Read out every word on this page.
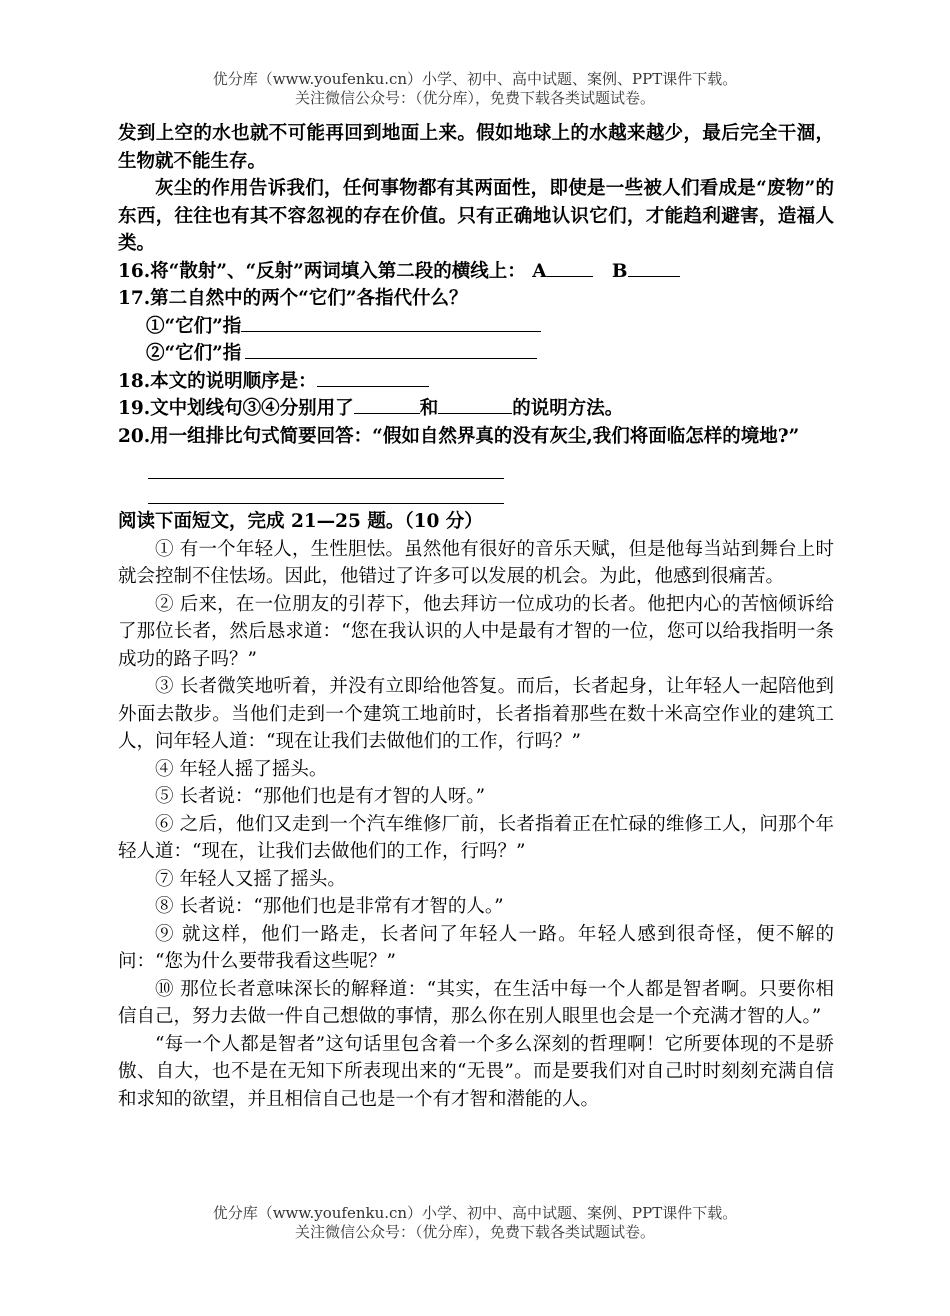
优分库（www.youfenku.cn）小学、初中、高中试题、案例、PPT课件下载。
关注微信公众号：（优分库），免费下载各类试题试卷。

发到上空的水也就不可能再回到地面上来。假如地球上的水越来越少，最后完全干涸，生物就不能生存。

灰尘的作用告诉我们，任何事物都有其两面性，即使是一些被人们看成是“废物”的东西，往往也有其不容忽视的存在价值。只有正确地认识它们，才能趋利避害，造福人类。

16.将“散射”、“反射”两词填入第二段的横线上： A	B
17.第二自然中的两个“它们”各指代什么？
①“它们”指
②“它们”指
18.本文的说明顺序是：
19.文中划线句③④分别用了	和	的说明方法。

20.用一组排比句式简要回答：“假如自然界真的没有灰尘,我们将面临怎样的境地?”

阅读下面短文，完成 21—25 题。（10 分）

① 有一个年轻人，生性胆怯。虽然他有很好的音乐天赋，但是他每当站到舞台上时就会控制不住怯场。因此，他错过了许多可以发展的机会。为此，他感到很痛苦。

② 后来，在一位朋友的引荐下，他去拜访一位成功的长者。他把内心的苦恼倾诉给了那位长者，然后恳求道：“您在我认识的人中是最有才智的一位，您可以给我指明一条成功的路子吗？”

③ 长者微笑地听着，并没有立即给他答复。而后，长者起身，让年轻人一起陪他到外面去散步。当他们走到一个建筑工地前时，长者指着那些在数十米高空作业的建筑工人，问年轻人道：“现在让我们去做他们的工作，行吗？”

④ 年轻人摇了摇头。

⑤ 长者说：“那他们也是有才智的人呀。”

⑥ 之后，他们又走到一个汽车维修厂前，长者指着正在忙碌的维修工人，问那个年轻人道：“现在，让我们去做他们的工作，行吗？”

⑦ 年轻人又摇了摇头。

⑧ 长者说：“那他们也是非常有才智的人。”

⑨ 就这样，他们一路走，长者问了年轻人一路。年轻人感到很奇怪，便不解的问：“您为什么要带我看这些呢？”

⑩ 那位长者意味深长的解释道：“其实，在生活中每一个人都是智者啊。只要你相信自己，努力去做一件自己想做的事情，那么你在别人眼里也会是一个充满才智的人。”

“每一个人都是智者”这句话里包含着一个多么深刻的哲理啊！它所要体现的不是骄傲、自大，也不是在无知下所表现出来的“无畏”。而是要我们对自己时时刻刻充满自信和求知的欲望，并且相信自己也是一个有才智和潜能的人。

优分库（www.youfenku.cn）小学、初中、高中试题、案例、PPT课件下载。
关注微信公众号：（优分库），免费下载各类试题试卷。
